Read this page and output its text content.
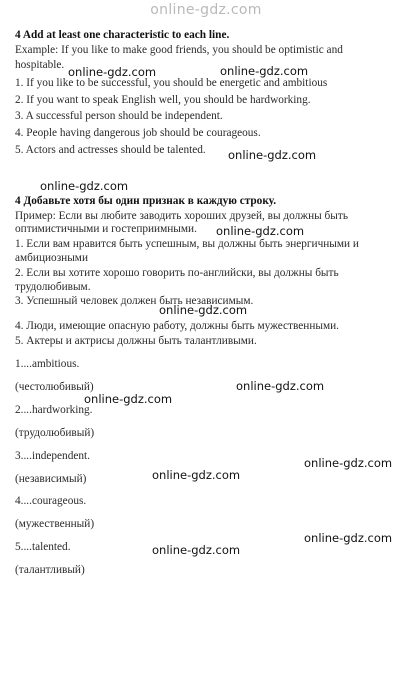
online-gdz.com
4 Add at least one characteristic to each line.
Example: If you like to make good friends, you should be optimistic and
hospitable.
1. If you like to be successful, you should be energetic and ambitious
2. If you want to speak English well, you should be hardworking.
3. A successful person should be independent.
4. People having dangerous job should be courageous.
5. Actors and actresses should be talented.
4 Добавьте хотя бы один признак в каждую строку.
Пример: Если вы любите заводить хороших друзей, вы должны быть
оптимистичными и гостеприимными.
1. Если вам нравится быть успешным, вы должны быть энергичными и
амбициозными
2. Если вы хотите хорошо говорить по-английски, вы должны быть
трудолюбивым.
3. Успешный человек должен быть независимым.
4. Люди, имеющие опасную работу, должны быть мужественными.
5. Актеры и актрисы должны быть талантливыми.
1....ambitious.
(честолюбивый)
2....hardworking.
(трудолюбивый)
3....independent.
(независимый)
4....courageous.
(мужественный)
5....talented.
(талантливый)
online-gdz.com	online-gdz.com
online-gdz.com
online-gdz.com
online-gdz.com
online-gdz.com
online-gdz.com
online-gdz.com
online-gdz.com
online-gdz.com
online-gdz.com
online-gdz.com
